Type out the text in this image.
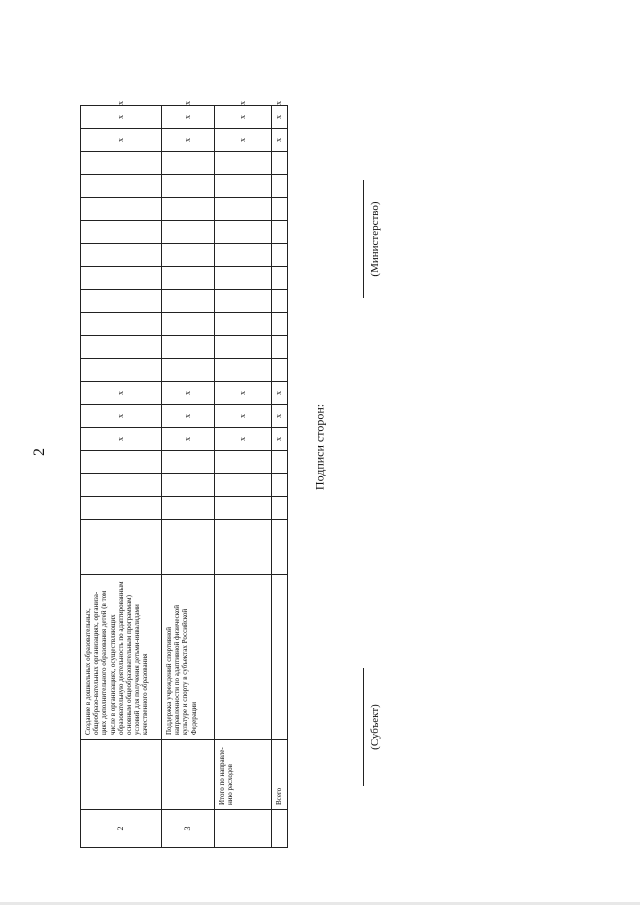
2
2		Создание в дошкольных образовательных, общеобразо-вательных организациях, организа-циях дополнительного образования детей (в том числе в организациях, осуществляющих образовательную деятельность по адаптированным основным общеобразовательным программам) условий для получения детьми-инвалидами качественного образования					х	х	х											х	х	х
3		Поддержка учреждений спортивной направленности по адаптивной физической культуре и спорту в субъектах Российской Федерации					х	х	х											х	х	х
	Итого по направле-нию расходов						х	х	х											х	х	х
	Всего						х	х	х											х	х	х
Подписи сторон:
(Субъект)
(Министерство)
